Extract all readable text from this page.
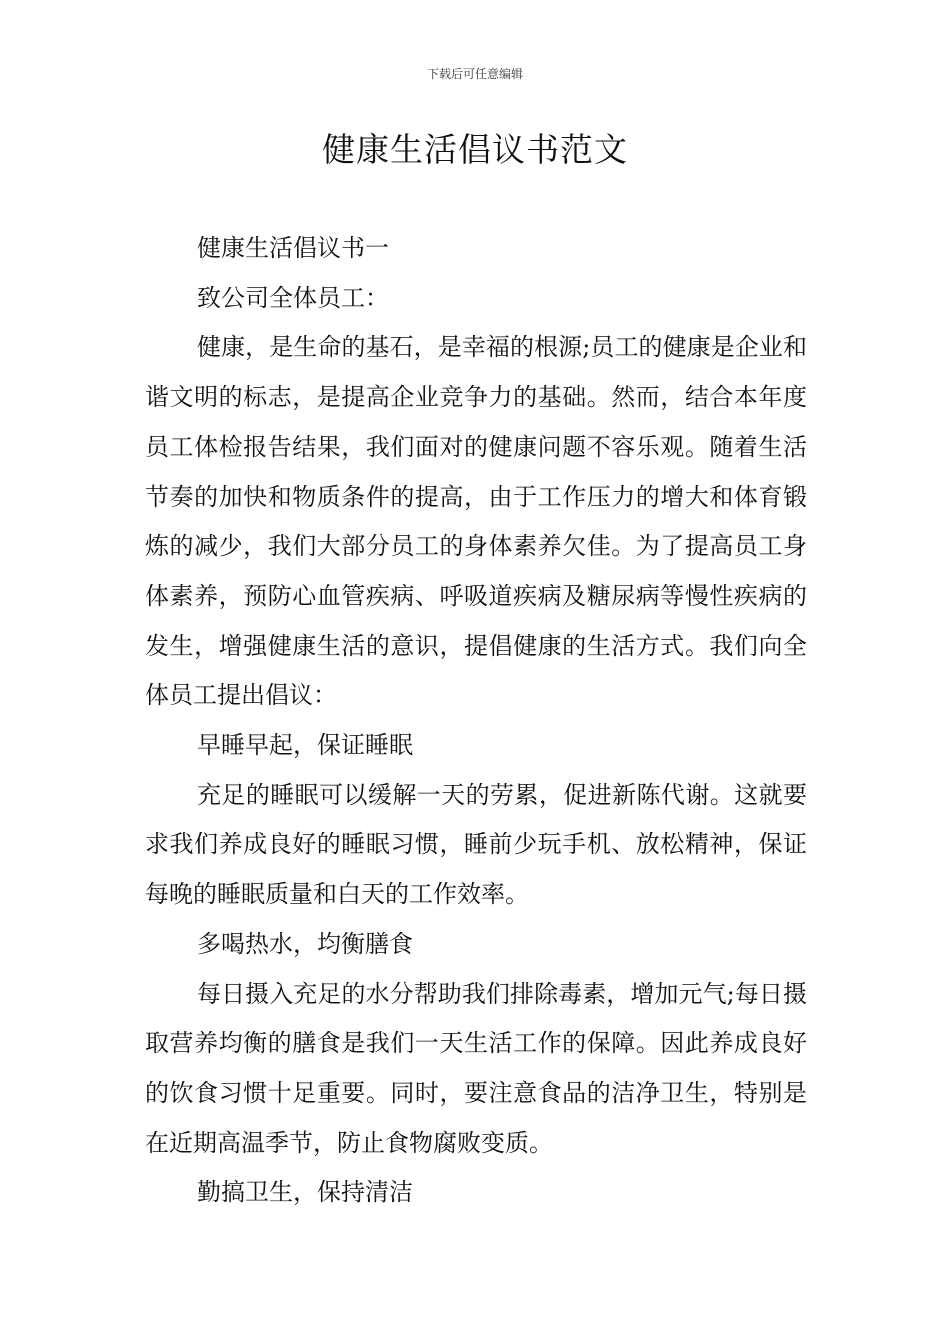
下载后可任意编辑
健康生活倡议书范文

健康生活倡议书一

致公司全体员工：

健康，是生命的基石，是幸福的根源;员工的健康是企业和谐文明的标志，是提高企业竞争力的基础。然而，结合本年度员工体检报告结果，我们面对的健康问题不容乐观。随着生活节奏的加快和物质条件的提高，由于工作压力的增大和体育锻炼的减少，我们大部分员工的身体素养欠佳。为了提高员工身体素养，预防心血管疾病、呼吸道疾病及糖尿病等慢性疾病的发生，增强健康生活的意识，提倡健康的生活方式。我们向全体员工提出倡议：

早睡早起，保证睡眠

充足的睡眠可以缓解一天的劳累，促进新陈代谢。这就要求我们养成良好的睡眠习惯，睡前少玩手机、放松精神，保证每晚的睡眠质量和白天的工作效率。

多喝热水，均衡膳食

每日摄入充足的水分帮助我们排除毒素，增加元气;每日摄取营养均衡的膳食是我们一天生活工作的保障。因此养成良好的饮食习惯十足重要。同时，要注意食品的洁净卫生，特别是在近期高温季节，防止食物腐败变质。

勤搞卫生，保持清洁
